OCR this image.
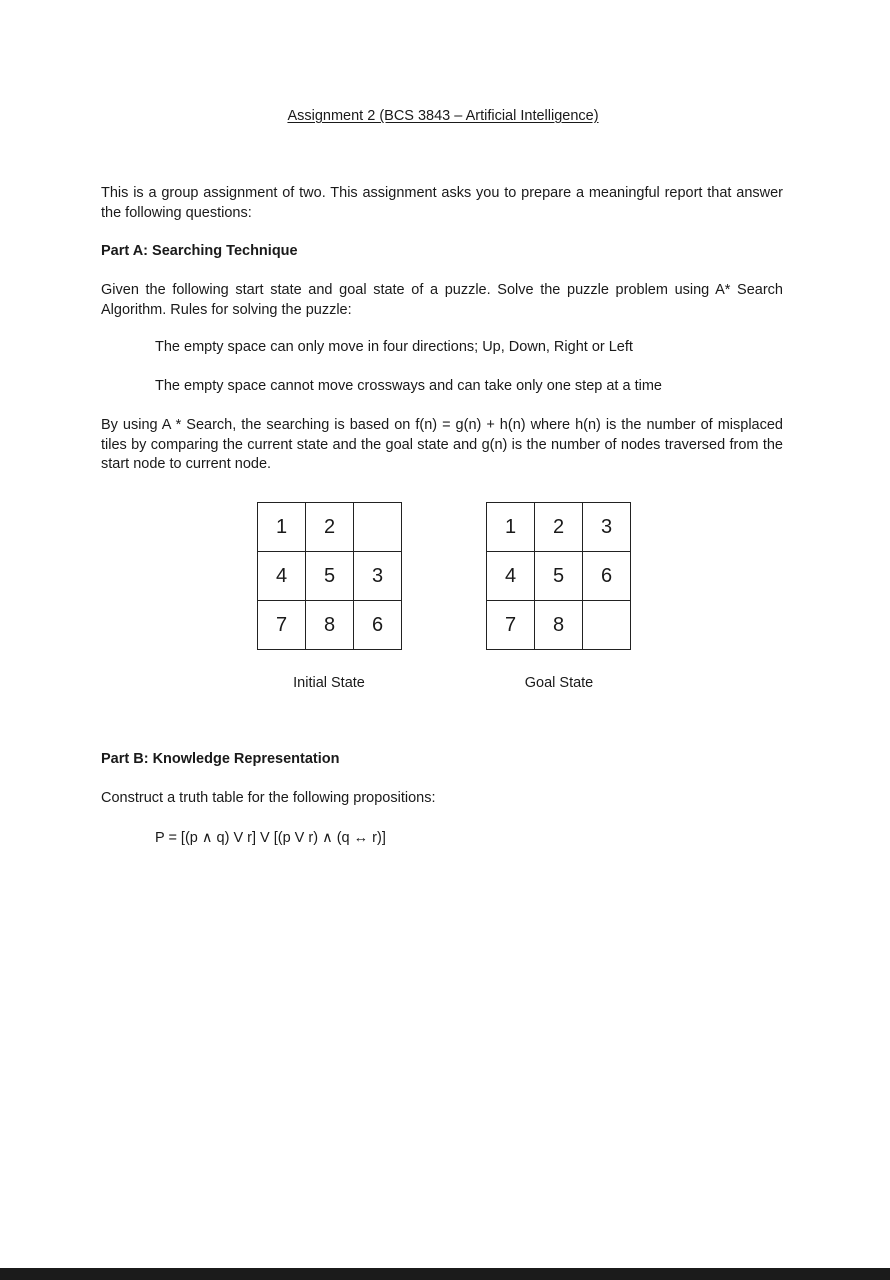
Assignment 2 (BCS 3843 – Artificial Intelligence)

This is a group assignment of two. This assignment asks you to prepare a meaningful report that answer the following questions:

Part A: Searching Technique

Given the following start state and goal state of a puzzle. Solve the puzzle problem using A* Search Algorithm. Rules for solving the puzzle:

The empty space can only move in four directions; Up, Down, Right or Left

The empty space cannot move crossways and can take only one step at a time

By using A * Search, the searching is based on f(n) = g(n) + h(n) where h(n) is the number of misplaced tiles by comparing the current state and the goal state and g(n) is the number of nodes traversed from the start node to current node.

1	2	
4	5	3
7	8	6
Initial State
1	2	3
4	5	6
7	8	
Goal State

Part B: Knowledge Representation

Construct a truth table for the following propositions:

P = [(p ∧ q) V r] V [(p V r) ∧ (q ↔ r)]
